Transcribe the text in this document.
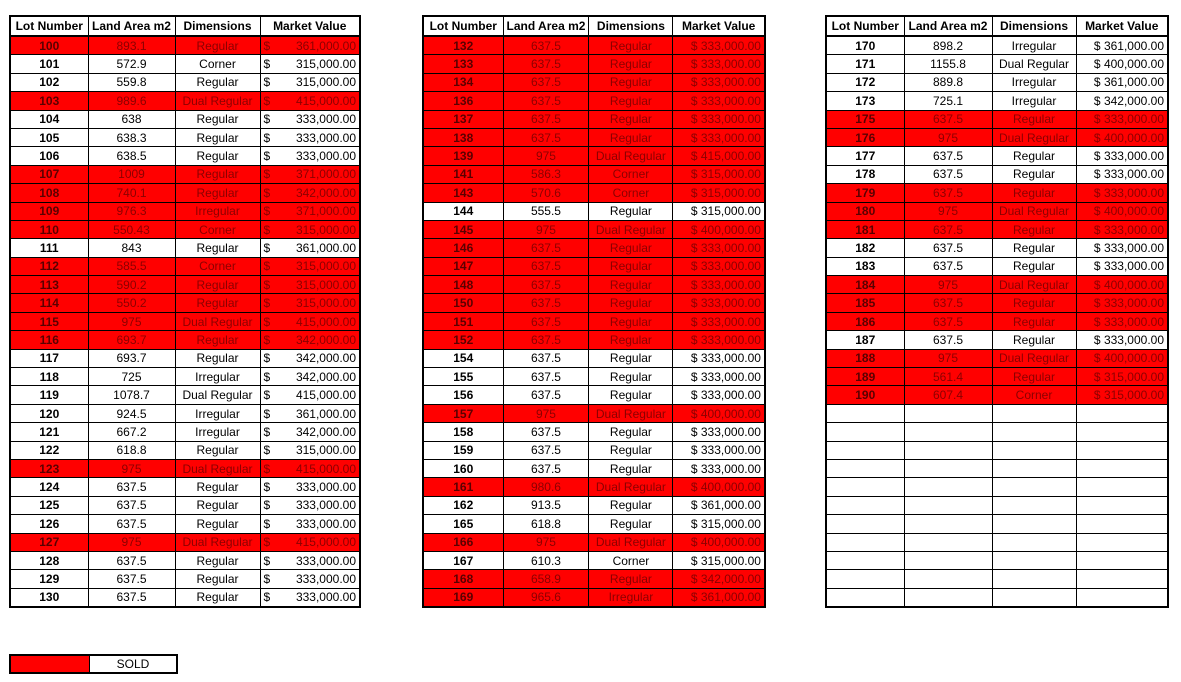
Lot Number	Land Area m2	Dimensions	Market Value
100	893.1	Regular	$ 361,000.00

101	572.9	Corner	$ 315,000.00

102	559.8	Regular	$ 315,000.00

103	989.6	Dual Regular	$ 415,000.00

104	638	Regular	$ 333,000.00

105	638.3	Regular	$ 333,000.00

106	638.5	Regular	$ 333,000.00

107	1009	Regular	$ 371,000.00

108	740.1	Regular	$ 342,000.00

109	976.3	Irregular	$ 371,000.00

110	550.43	Corner	$ 315,000.00

111	843	Regular	$ 361,000.00

112	585.5	Corner	$ 315,000.00

113	590.2	Regular	$ 315,000.00

114	550.2	Regular	$ 315,000.00

115	975	Dual Regular	$ 415,000.00

116	693.7	Regular	$ 342,000.00

117	693.7	Regular	$ 342,000.00

118	725	Irregular	$ 342,000.00

119	1078.7	Dual Regular	$ 415,000.00

120	924.5	Irregular	$ 361,000.00

121	667.2	Irregular	$ 342,000.00

122	618.8	Regular	$ 315,000.00

123	975	Dual Regular	$ 415,000.00

124	637.5	Regular	$ 333,000.00

125	637.5	Regular	$ 333,000.00

126	637.5	Regular	$ 333,000.00

127	975	Dual Regular	$ 415,000.00

128	637.5	Regular	$ 333,000.00

129	637.5	Regular	$ 333,000.00

130	637.5	Regular	$ 333,000.00
Lot Number	Land Area m2	Dimensions	Market Value
132	637.5	Regular	$ 333,000.00
133	637.5	Regular	$ 333,000.00
134	637.5	Regular	$ 333,000.00
136	637.5	Regular	$ 333,000.00
137	637.5	Regular	$ 333,000.00
138	637.5	Regular	$ 333,000.00
139	975	Dual Regular	$ 415,000.00
141	586.3	Corner	$ 315,000.00
143	570.6	Corner	$ 315,000.00
144	555.5	Regular	$ 315,000.00
145	975	Dual Regular	$ 400,000.00
146	637.5	Regular	$ 333,000.00
147	637.5	Regular	$ 333,000.00
148	637.5	Regular	$ 333,000.00
150	637.5	Regular	$ 333,000.00
151	637.5	Regular	$ 333,000.00
152	637.5	Regular	$ 333,000.00
154	637.5	Regular	$ 333,000.00
155	637.5	Regular	$ 333,000.00
156	637.5	Regular	$ 333,000.00
157	975	Dual Regular	$ 400,000.00
158	637.5	Regular	$ 333,000.00
159	637.5	Regular	$ 333,000.00
160	637.5	Regular	$ 333,000.00
161	980.6	Dual Regular	$ 400,000.00
162	913.5	Regular	$ 361,000.00
165	618.8	Regular	$ 315,000.00
166	975	Dual Regular	$ 400,000.00
167	610.3	Corner	$ 315,000.00
168	658.9	Regular	$ 342,000.00
169	965.6	Irregular	$ 361,000.00
Lot Number	Land Area m2	Dimensions	Market Value
170	898.2	Irregular	$ 361,000.00
171	1155.8	Dual Regular	$ 400,000.00
172	889.8	Irregular	$ 361,000.00
173	725.1	Irregular	$ 342,000.00
175	637.5	Regular	$ 333,000.00
176	975	Dual Regular	$ 400,000.00
177	637.5	Regular	$ 333,000.00
178	637.5	Regular	$ 333,000.00
179	637.5	Regular	$ 333,000.00
180	975	Dual Regular	$ 400,000.00
181	637.5	Regular	$ 333,000.00
182	637.5	Regular	$ 333,000.00
183	637.5	Regular	$ 333,000.00
184	975	Dual Regular	$ 400,000.00
185	637.5	Regular	$ 333,000.00
186	637.5	Regular	$ 333,000.00
187	637.5	Regular	$ 333,000.00
188	975	Dual Regular	$ 400,000.00
189	561.4	Regular	$ 315,000.00
190	607.4	Corner	$ 315,000.00

	SOLD
